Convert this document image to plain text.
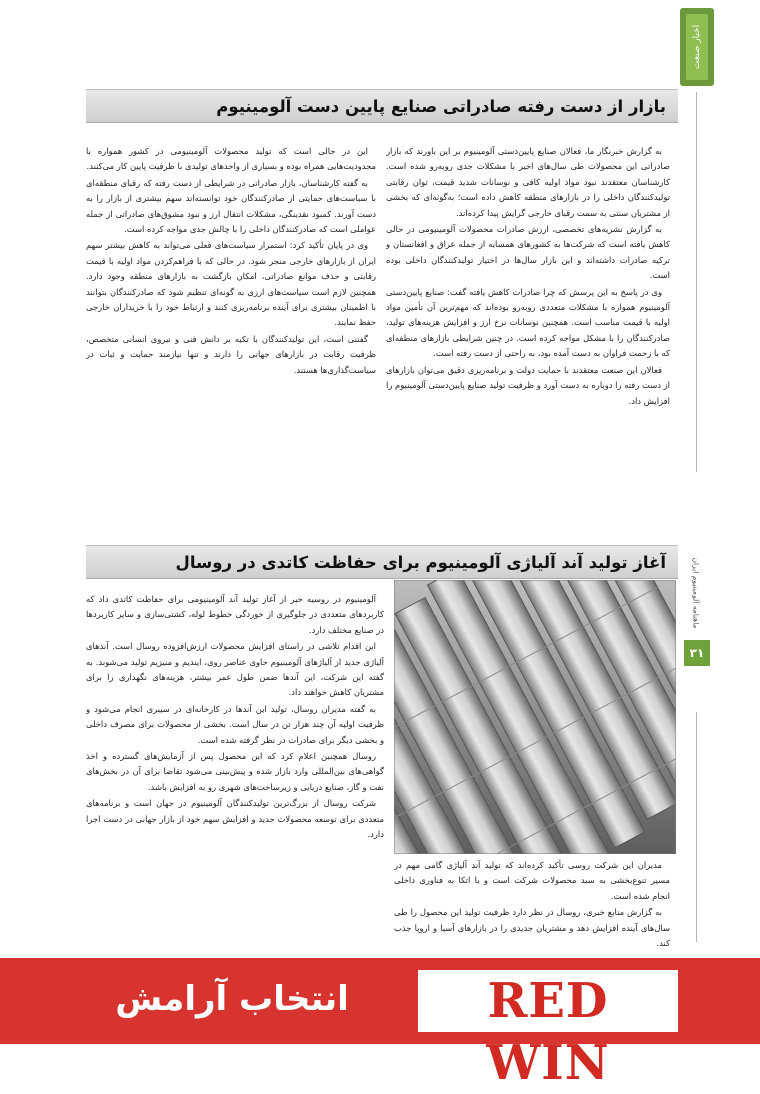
اخبار صنعت
ماهنامه آلومینیوم ایران
۳۱
بازار از دست رفته صادراتی صنایع پایین دست آلومینیوم

به گزارش خبرنگار ما، فعالان صنایع پایین‌دستی آلومینیوم بر این باورند که بازار صادراتی این محصولات طی سال‌های اخیر با مشکلات جدی روبه‌رو شده است. کارشناسان معتقدند نبود مواد اولیه کافی و نوسانات شدید قیمت، توان رقابتی تولیدکنندگان داخلی را در بازارهای منطقه کاهش داده است؛ به‌گونه‌ای که بخشی از مشتریان سنتی به سمت رقبای خارجی گرایش پیدا کرده‌اند.

به گزارش نشریه‌های تخصصی، ارزش صادرات محصولات آلومینیومی در حالی کاهش یافته است که شرکت‌ها به کشورهای همسایه از جمله عراق و افغانستان و ترکیه صادرات داشته‌اند و این بازار سال‌ها در اختیار تولیدکنندگان داخلی بوده است.

وی در پاسخ به این پرسش که چرا صادرات کاهش یافته گفت: صنایع پایین‌دستی آلومینیوم همواره با مشکلات متعددی روبه‌رو بوده‌اند که مهم‌ترین آن تأمین مواد اولیه با قیمت مناسب است. همچنین نوسانات نرخ ارز و افزایش هزینه‌های تولید، صادرکنندگان را با مشکل مواجه کرده است. در چنین شرایطی بازارهای منطقه‌ای که با زحمت فراوان به دست آمده بود، به راحتی از دست رفته است.

فعالان این صنعت معتقدند با حمایت دولت و برنامه‌ریزی دقیق می‌توان بازارهای از دست رفته را دوباره به دست آورد و ظرفیت تولید صنایع پایین‌دستی آلومینیوم را افزایش داد.

این در حالی است که تولید محصولات آلومینیومی در کشور همواره با محدودیت‌هایی همراه بوده و بسیاری از واحدهای تولیدی با ظرفیت پایین کار می‌کنند.

به گفته کارشناسان، بازار صادراتی در شرایطی از دست رفته که رقبای منطقه‌ای با سیاست‌های حمایتی از صادرکنندگان خود توانسته‌اند سهم بیشتری از بازار را به دست آورند. کمبود نقدینگی، مشکلات انتقال ارز و نبود مشوق‌های صادراتی از جمله عواملی است که صادرکنندگان داخلی را با چالش جدی مواجه کرده است.

وی در پایان تأکید کرد: استمرار سیاست‌های فعلی می‌تواند به کاهش بیشتر سهم ایران از بازارهای خارجی منجر شود. در حالی که با فراهم‌کردن مواد اولیه با قیمت رقابتی و حذف موانع صادراتی، امکان بازگشت به بازارهای منطقه وجود دارد. همچنین لازم است سیاست‌های ارزی به گونه‌ای تنظیم شود که صادرکنندگان بتوانند با اطمینان بیشتری برای آینده برنامه‌ریزی کنند و ارتباط خود را با خریداران خارجی حفظ نمایند.

گفتنی است، این تولیدکنندگان با تکیه بر دانش فنی و نیروی انسانی متخصص، ظرفیت رقابت در بازارهای جهانی را دارند و تنها نیازمند حمایت و ثبات در سیاست‌گذاری‌ها هستند.

آغاز تولید آند آلیاژی آلومینیوم برای حفاظت کاتدی در روسال

آلومینیوم در روسیه خبر از آغاز تولید آند آلومینیومی برای حفاظت کاتدی داد که کاربردهای متعددی در جلوگیری از خوردگی خطوط لوله، کشتی‌سازی و سایر کاربردها در صنایع مختلف دارد.

این اقدام تلاشی در راستای افزایش محصولات ارزش‌افزوده روسال است. آندهای آلیاژی جدید از آلیاژهای آلومینیوم حاوی عناصر روی، ایندیم و منیزیم تولید می‌شوند. به گفته این شرکت، این آندها ضمن طول عمر بیشتر، هزینه‌های نگهداری را برای مشتریان کاهش خواهند داد.

به گفته مدیران روسال، تولید این آندها در کارخانه‌ای در سیبری انجام می‌شود و ظرفیت اولیه آن چند هزار تن در سال است. بخشی از محصولات برای مصرف داخلی و بخشی دیگر برای صادرات در نظر گرفته شده است.

روسال همچنین اعلام کرد که این محصول پس از آزمایش‌های گسترده و اخذ گواهی‌های بین‌المللی وارد بازار شده و پیش‌بینی می‌شود تقاضا برای آن در بخش‌های نفت و گاز، صنایع دریایی و زیرساخت‌های شهری رو به افزایش باشد.

شرکت روسال از بزرگ‌ترین تولیدکنندگان آلومینیوم در جهان است و برنامه‌های متعددی برای توسعه محصولات جدید و افزایش سهم خود از بازار جهانی در دست اجرا دارد.

مدیران این شرکت روسی تأکید کرده‌اند که تولید آند آلیاژی گامی مهم در مسیر تنوع‌بخشی به سبد محصولات شرکت است و با اتکا به فناوری داخلی انجام شده است.

به گزارش منابع خبری، روسال در نظر دارد ظرفیت تولید این محصول را طی سال‌های آینده افزایش دهد و مشتریان جدیدی را در بازارهای آسیا و اروپا جذب کند.

انتخاب آرامش	RED WIN
